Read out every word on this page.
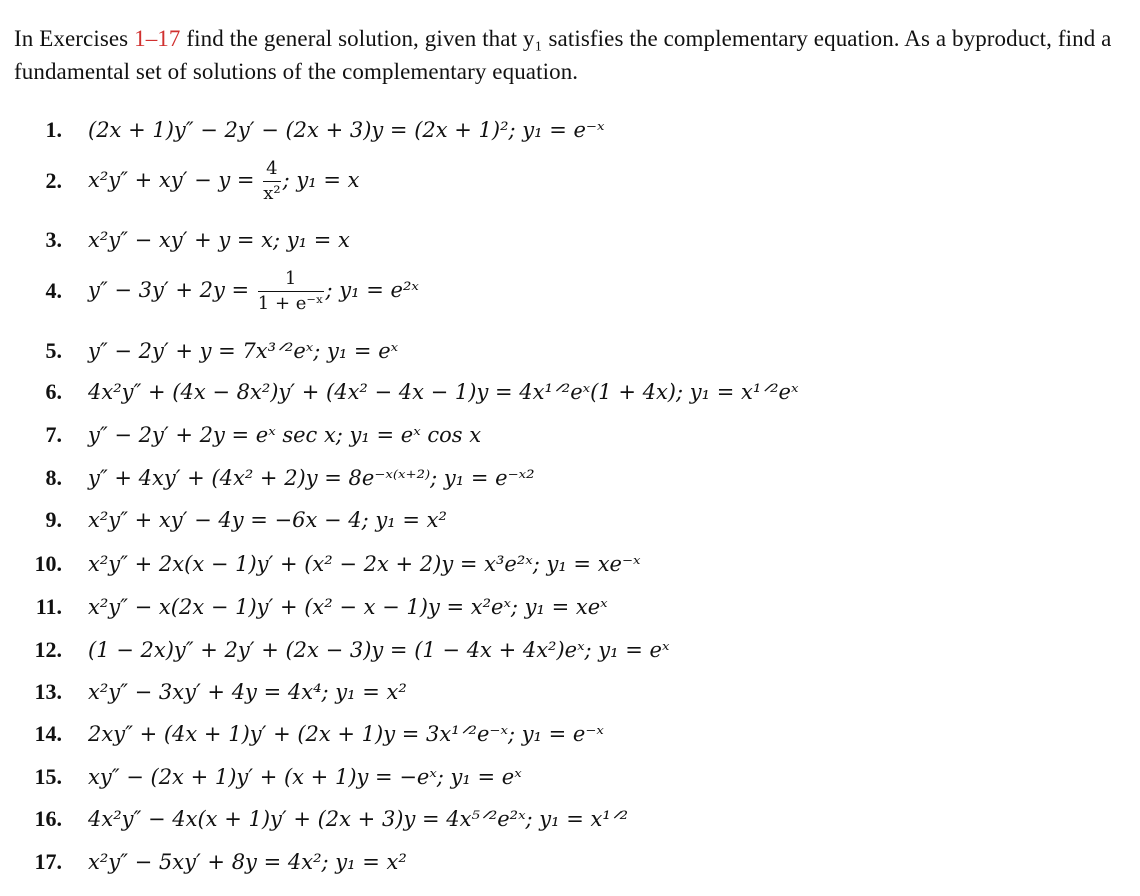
In Exercises 1–17 find the general solution, given that y₁ satisfies the complementary equation. As a byproduct, find a fundamental set of solutions of the complementary equation.
1. (2x + 1)y″ − 2y′ − (2x + 3)y = (2x + 1)²; y₁ = e⁻ˣ
2. $x^2y'' + xy' - y = \frac{4}{\text{x²}}$ ; y₁ = x
3. x²y″ − xy′ + y = x; y₁ = x
4. $y'' - 3y' + 2y = \frac{1}{\text{1 + e⁻ˣ}}$ ; y₁ = e²ˣ
5. y″ − 2y′ + y = 7x³ᐟ²eˣ; y₁ = eˣ
6. 4x²y″ + (4x − 8x²)y′ + (4x² − 4x − 1)y = 4x¹ᐟ²eˣ(1 + 4x); y₁ = x¹ᐟ²eˣ
7. y″ − 2y′ + 2y = eˣ sec x; y₁ = eˣ cos x
8. y″ + 4xy′ + (4x² + 2)y = 8e⁻ˣ⁽ˣ⁺²⁾; y₁ = e⁻ˣ²
9. x²y″ + xy′ − 4y = −6x − 4; y₁ = x²
10. x²y″ + 2x(x − 1)y′ + (x² − 2x + 2)y = x³e²ˣ; y₁ = xe⁻ˣ
11. x²y″ − x(2x − 1)y′ + (x² − x − 1)y = x²eˣ; y₁ = xeˣ
12. (1 − 2x)y″ + 2y′ + (2x − 3)y = (1 − 4x + 4x²)eˣ; y₁ = eˣ
13. x²y″ − 3xy′ + 4y = 4x⁴; y₁ = x²
14. 2xy″ + (4x + 1)y′ + (2x + 1)y = 3x¹ᐟ²e⁻ˣ; y₁ = e⁻ˣ
15. xy″ − (2x + 1)y′ + (x + 1)y = −eˣ; y₁ = eˣ
16. 4x²y″ − 4x(x + 1)y′ + (2x + 3)y = 4x⁵ᐟ²e²ˣ; y₁ = x¹ᐟ²
17. x²y″ − 5xy′ + 8y = 4x²; y₁ = x²
